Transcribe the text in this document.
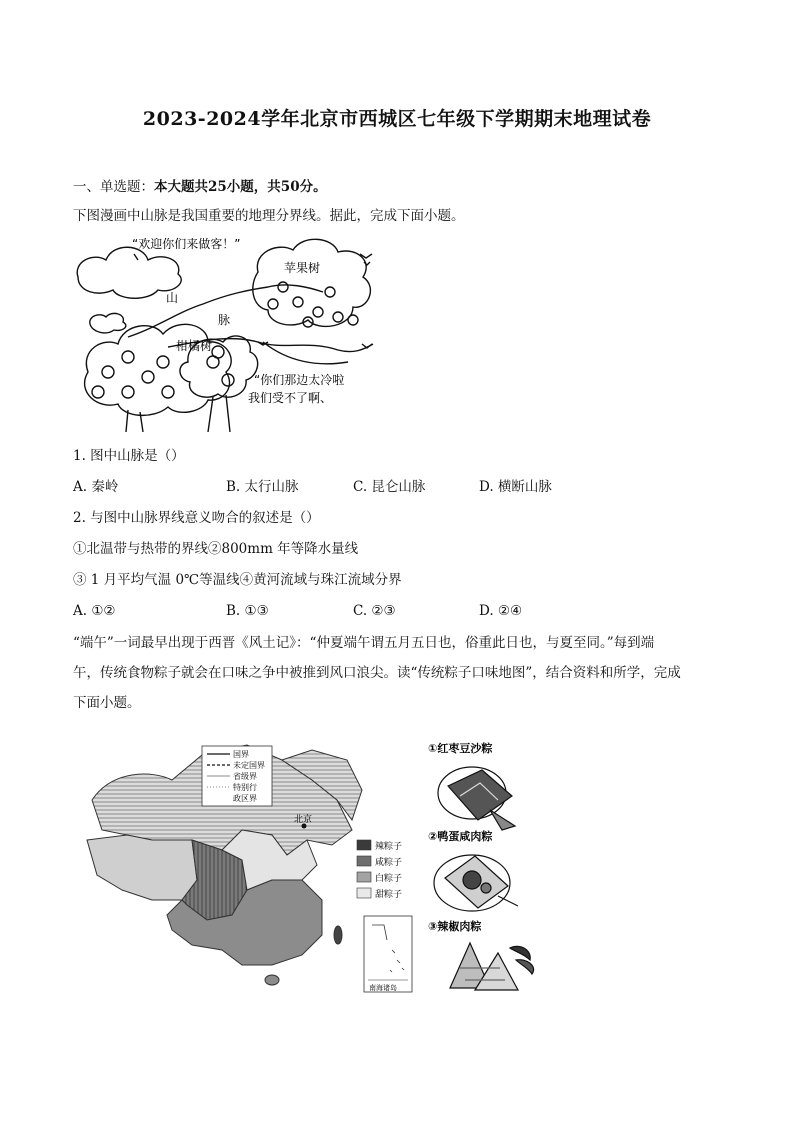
2023-2024学年北京市西城区七年级下学期期末地理试卷
一、单选题：本大题共25小题，共50分。
下图漫画中山脉是我国重要的地理分界线。据此，完成下面小题。
“欢迎你们来做客！”
苹果树
山
脉
柑橘树
“你们那边太冷啦
我们受不了啊、
1. 图中山脉是（）
A. 秦岭	B. 太行山脉	C. 昆仑山脉	D. 横断山脉
2. 与图中山脉界线意义吻合的叙述是（）
①北温带与热带的界线②800mm 年等降水量线
③ 1 月平均气温 0℃等温线④黄河流域与珠江流域分界
A. ①②	B. ①③	C. ②③	D. ②④
“端午”一词最早出现于西晋《风土记》：“仲夏端午谓五月五日也，俗重此日也，与夏至同。”每到端
午，传统食物粽子就会在口味之争中被推到风口浪尖。读“传统粽子口味地图”，结合资料和所学，完成
下面小题。
北京
国界
未定国界
省级界
特别行
政区界
辣粽子
咸粽子
白粽子
甜粽子
南海诸岛
①红枣豆沙粽
②鸭蛋咸肉粽
③辣椒肉粽
